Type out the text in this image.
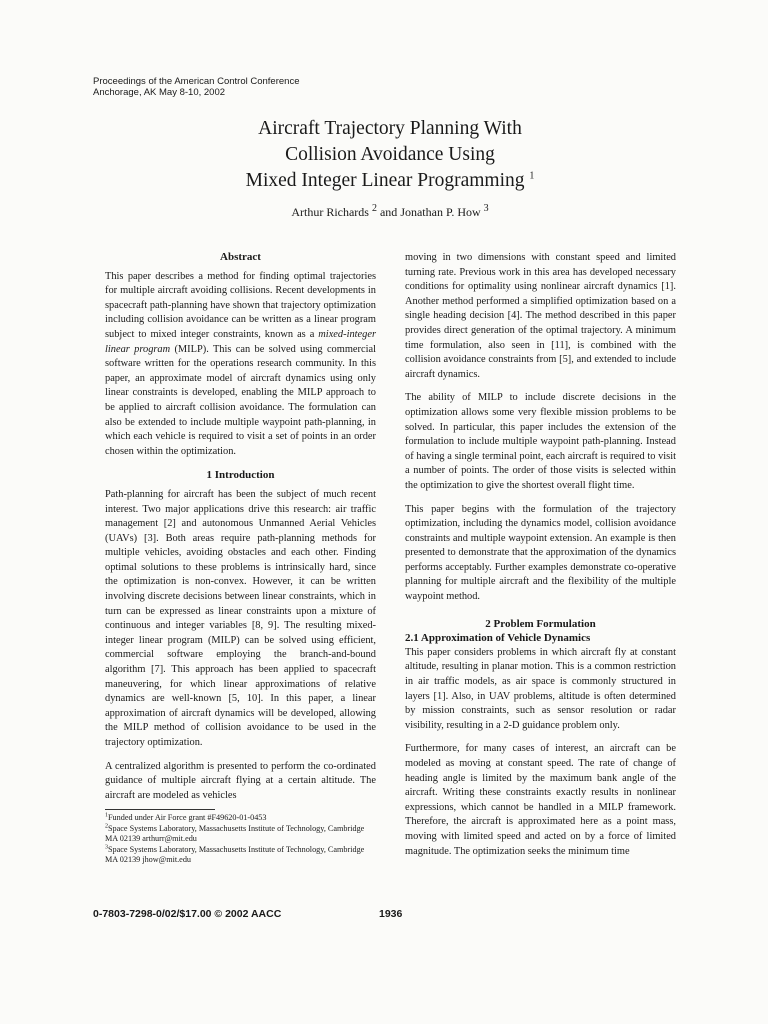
Proceedings of the American Control Conference
Anchorage, AK May 8-10, 2002
Aircraft Trajectory Planning With
Collision Avoidance Using
Mixed Integer Linear Programming $^1$
Arthur Richards $^2$ and Jonathan P. How $^3$
Abstract

This paper describes a method for finding optimal trajectories for multiple aircraft avoiding collisions. Recent developments in spacecraft path-planning have shown that trajectory optimization including collision avoidance can be written as a linear program subject to mixed integer constraints, known as a mixed-integer linear program (MILP). This can be solved using commercial software written for the operations research community. In this paper, an approximate model of aircraft dynamics using only linear constraints is developed, enabling the MILP approach to be applied to aircraft collision avoidance. The formulation can also be extended to include multiple waypoint path-planning, in which each vehicle is required to visit a set of points in an order chosen within the optimization.

1 Introduction

Path-planning for aircraft has been the subject of much recent interest. Two major applications drive this research: air traffic management [2] and autonomous Unmanned Aerial Vehicles (UAVs) [3]. Both areas require path-planning methods for multiple vehicles, avoiding obstacles and each other. Finding optimal solutions to these problems is intrinsically hard, since the optimization is non-convex. However, it can be written involving discrete decisions between linear constraints, which in turn can be expressed as linear constraints upon a mixture of continuous and integer variables [8, 9]. The resulting mixed-integer linear program (MILP) can be solved using efficient, commercial software employing the branch-and-bound algorithm [7]. This approach has been applied to spacecraft maneuvering, for which linear approximations of relative dynamics are well-known [5, 10]. In this paper, a linear approximation of aircraft dynamics will be developed, allowing the MILP method of collision avoidance to be used in the trajectory optimization.

A centralized algorithm is presented to perform the co-ordinated guidance of multiple aircraft flying at a certain altitude. The aircraft are modeled as vehicles

$^1$Funded under Air Force grant #F49620-01-0453

$^2$Space Systems Laboratory, Massachusetts Institute of Technology, Cambridge MA 02139 arthurr@mit.edu

$^3$Space Systems Laboratory, Massachusetts Institute of Technology, Cambridge MA 02139 jhow@mit.edu

moving in two dimensions with constant speed and limited turning rate. Previous work in this area has developed necessary conditions for optimality using nonlinear aircraft dynamics [1]. Another method performed a simplified optimization based on a single heading decision [4]. The method described in this paper provides direct generation of the optimal trajectory. A minimum time formulation, also seen in [11], is combined with the collision avoidance constraints from [5], and extended to include aircraft dynamics.

The ability of MILP to include discrete decisions in the optimization allows some very flexible mission problems to be solved. In particular, this paper includes the extension of the formulation to include multiple waypoint path-planning. Instead of having a single terminal point, each aircraft is required to visit a number of points. The order of those visits is selected within the optimization to give the shortest overall flight time.

This paper begins with the formulation of the trajectory optimization, including the dynamics model, collision avoidance constraints and multiple waypoint extension. An example is then presented to demonstrate that the approximation of the dynamics performs acceptably. Further examples demonstrate co-operative planning for multiple aircraft and the flexibility of the multiple waypoint method.

2 Problem Formulation
2.1 Approximation of Vehicle Dynamics

This paper considers problems in which aircraft fly at constant altitude, resulting in planar motion. This is a common restriction in air traffic models, as air space is commonly structured in layers [1]. Also, in UAV problems, altitude is often determined by mission constraints, such as sensor resolution or radar visibility, resulting in a 2-D guidance problem only.

Furthermore, for many cases of interest, an aircraft can be modeled as moving at constant speed. The rate of change of heading angle is limited by the maximum bank angle of the aircraft. Writing these constraints exactly results in nonlinear expressions, which cannot be handled in a MILP framework. Therefore, the aircraft is approximated here as a point mass, moving with limited speed and acted on by a force of limited magnitude. The optimization seeks the minimum time

0-7803-7298-0/02/$17.00 © 2002 AACC	1936
